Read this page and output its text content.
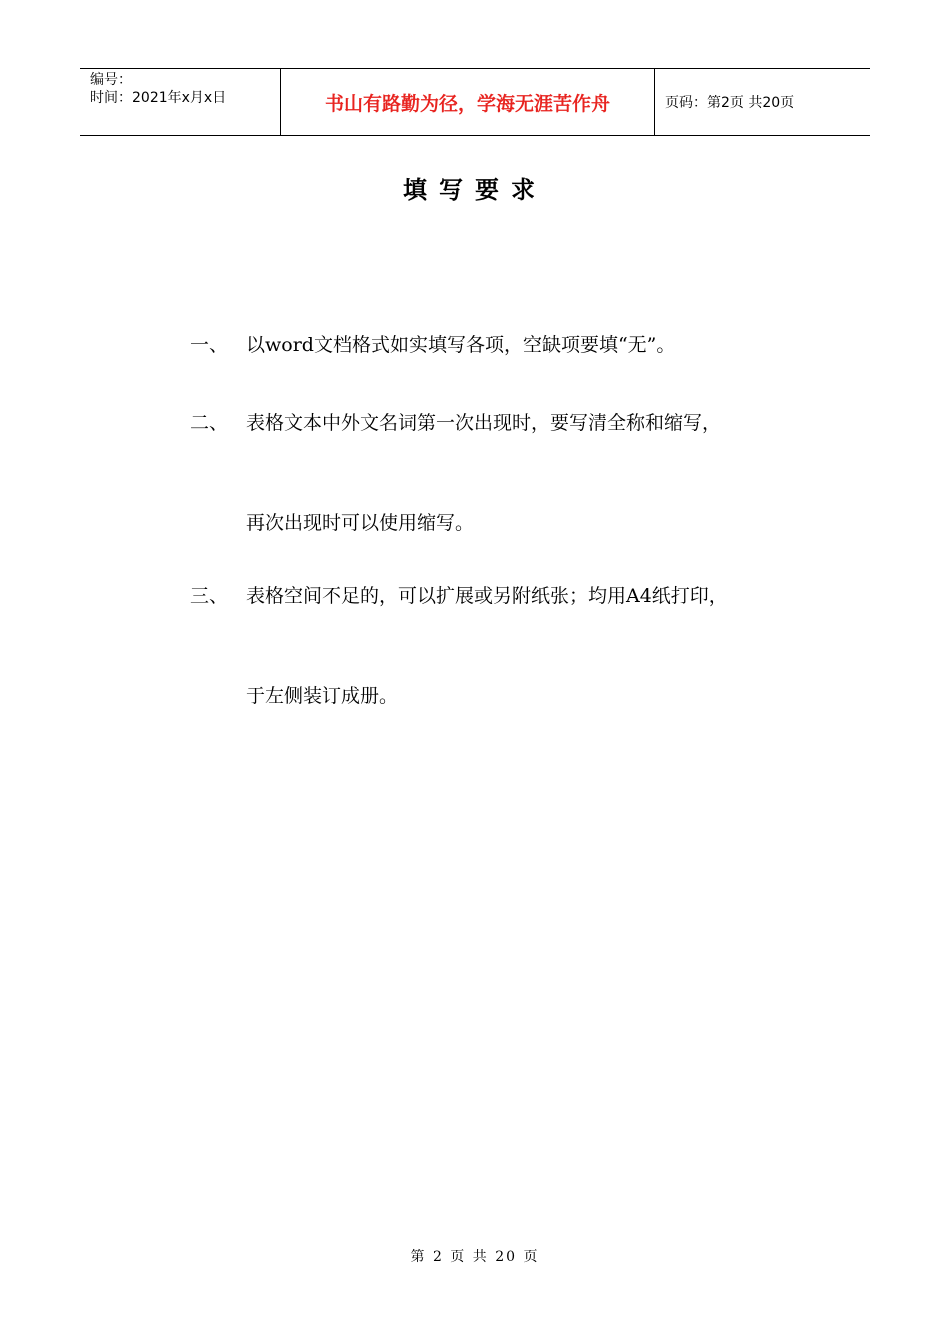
编号：
时间：2021年x月x日	书山有路勤为径，学海无涯苦作舟	页码：第2页 共20页
填写要求
一、 以word文档格式如实填写各项，空缺项要填“无”。
二、 表格文本中外文名词第一次出现时，要写清全称和缩写，
再次出现时可以使用缩写。
三、 表格空间不足的，可以扩展或另附纸张；均用A4纸打印，
于左侧装订成册。
第 2 页 共 20 页
